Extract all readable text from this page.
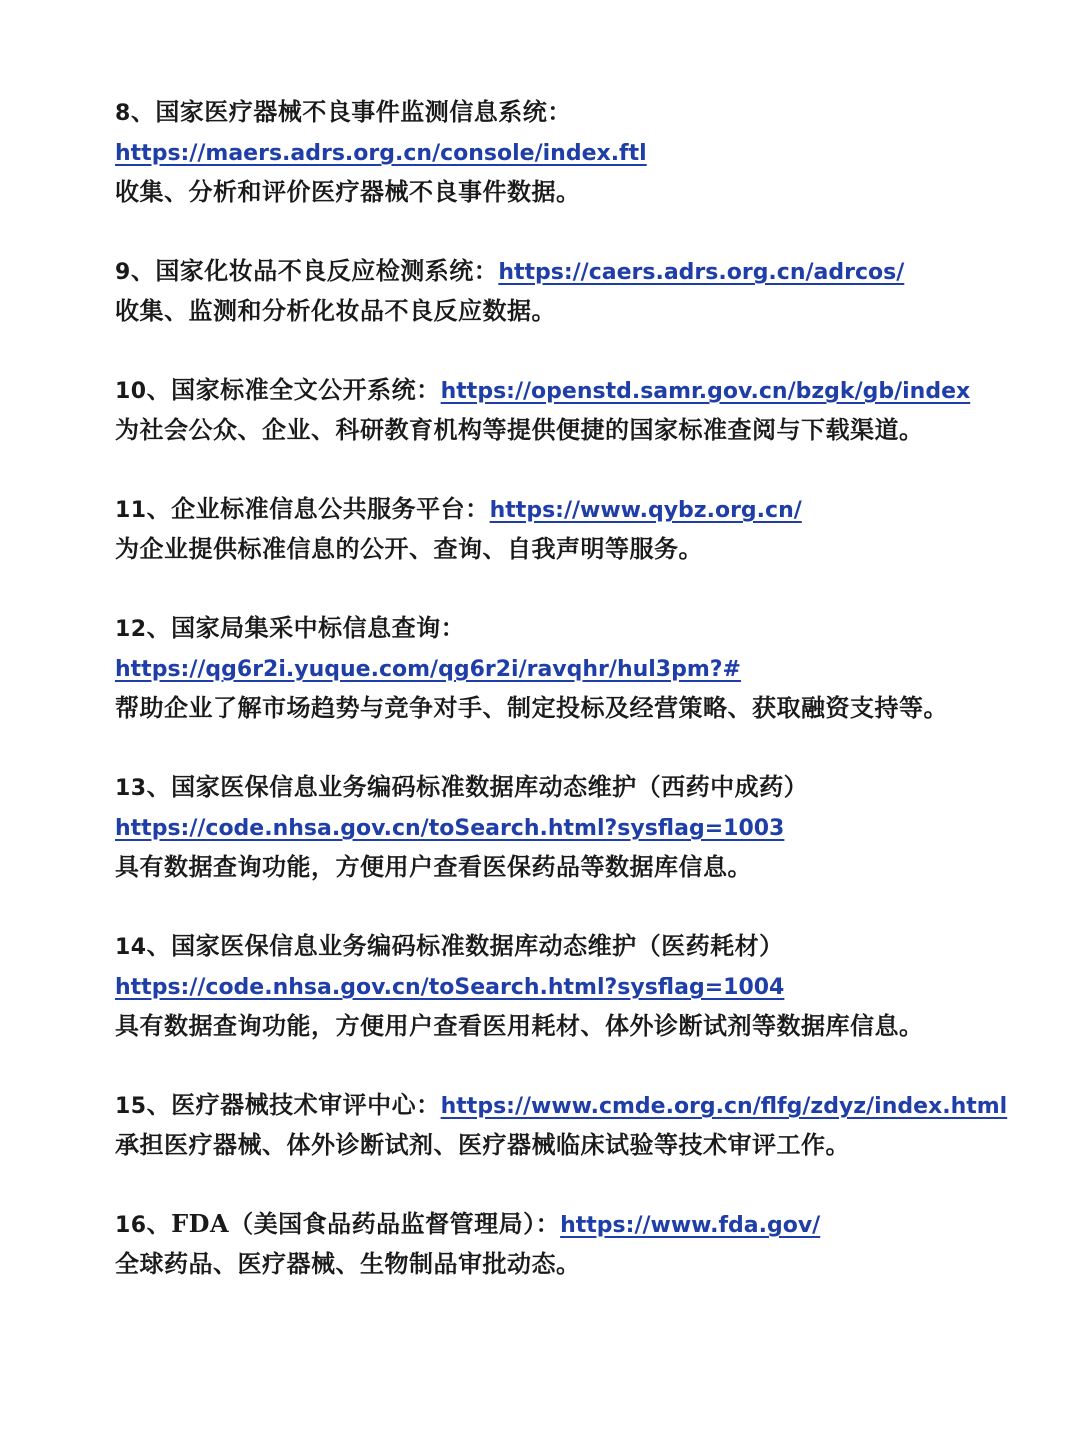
8、国家医疗器械不良事件监测信息系统：
https://maers.adrs.org.cn/console/index.ftl
收集、分析和评价医疗器械不良事件数据。
9、国家化妆品不良反应检测系统：https://caers.adrs.org.cn/adrcos/
收集、监测和分析化妆品不良反应数据。
10、国家标准全文公开系统：https://openstd.samr.gov.cn/bzgk/gb/index
为社会公众、企业、科研教育机构等提供便捷的国家标准查阅与下载渠道。
11、企业标准信息公共服务平台：https://www.qybz.org.cn/
为企业提供标准信息的公开、查询、自我声明等服务。
12、国家局集采中标信息查询：
https://qg6r2i.yuque.com/qg6r2i/ravqhr/hul3pm?#
帮助企业了解市场趋势与竞争对手、制定投标及经营策略、获取融资支持等。
13、国家医保信息业务编码标准数据库动态维护（西药中成药）
https://code.nhsa.gov.cn/toSearch.html?sysflag=1003
具有数据查询功能，方便用户查看医保药品等数据库信息。
14、国家医保信息业务编码标准数据库动态维护（医药耗材）
https://code.nhsa.gov.cn/toSearch.html?sysflag=1004
具有数据查询功能，方便用户查看医用耗材、体外诊断试剂等数据库信息。
15、医疗器械技术审评中心：https://www.cmde.org.cn/flfg/zdyz/index.html
承担医疗器械、体外诊断试剂、医疗器械临床试验等技术审评工作。
16、FDA（美国食品药品监督管理局）：https://www.fda.gov/
全球药品、医疗器械、生物制品审批动态。
